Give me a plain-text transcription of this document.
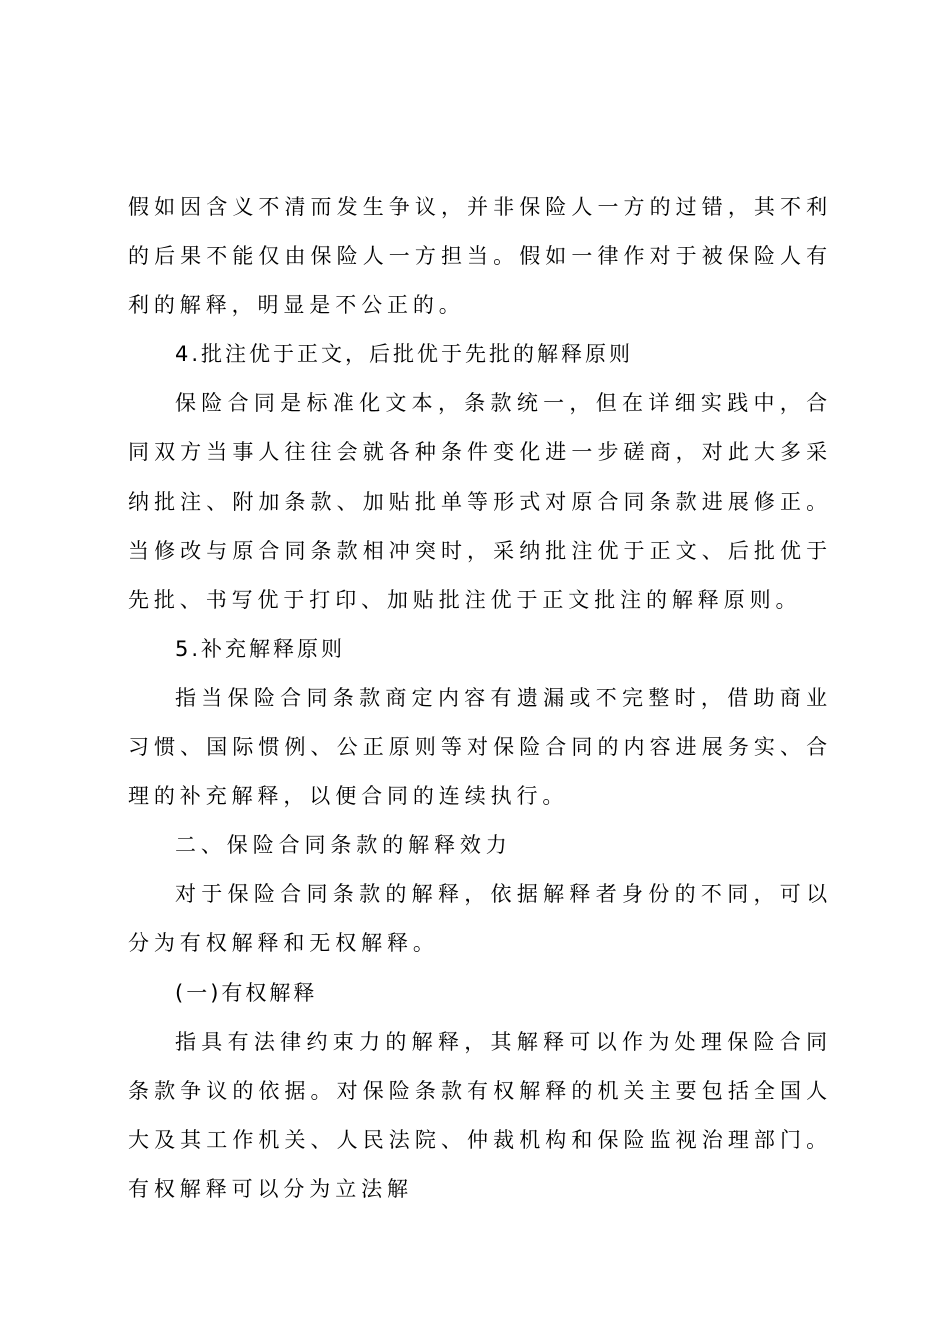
假如因含义不清而发生争议，并非保险人一方的过错，其不利的后果不能仅由保险人一方担当。假如一律作对于被保险人有利的解释，明显是不公正的。

4.批注优于正文，后批优于先批的解释原则

保险合同是标准化文本，条款统一，但在详细实践中，合同双方当事人往往会就各种条件变化进一步磋商，对此大多采纳批注、附加条款、加贴批单等形式对原合同条款进展修正。当修改与原合同条款相冲突时，采纳批注优于正文、后批优于先批、书写优于打印、加贴批注优于正文批注的解释原则。

5.补充解释原则

指当保险合同条款商定内容有遗漏或不完整时，借助商业习惯、国际惯例、公正原则等对保险合同的内容进展务实、合理的补充解释，以便合同的连续执行。

二、保险合同条款的解释效力

对于保险合同条款的解释，依据解释者身份的不同，可以分为有权解释和无权解释。

(一)有权解释

指具有法律约束力的解释，其解释可以作为处理保险合同条款争议的依据。对保险条款有权解释的机关主要包括全国人大及其工作机关、人民法院、仲裁机构和保险监视治理部门。有权解释可以分为立法解
